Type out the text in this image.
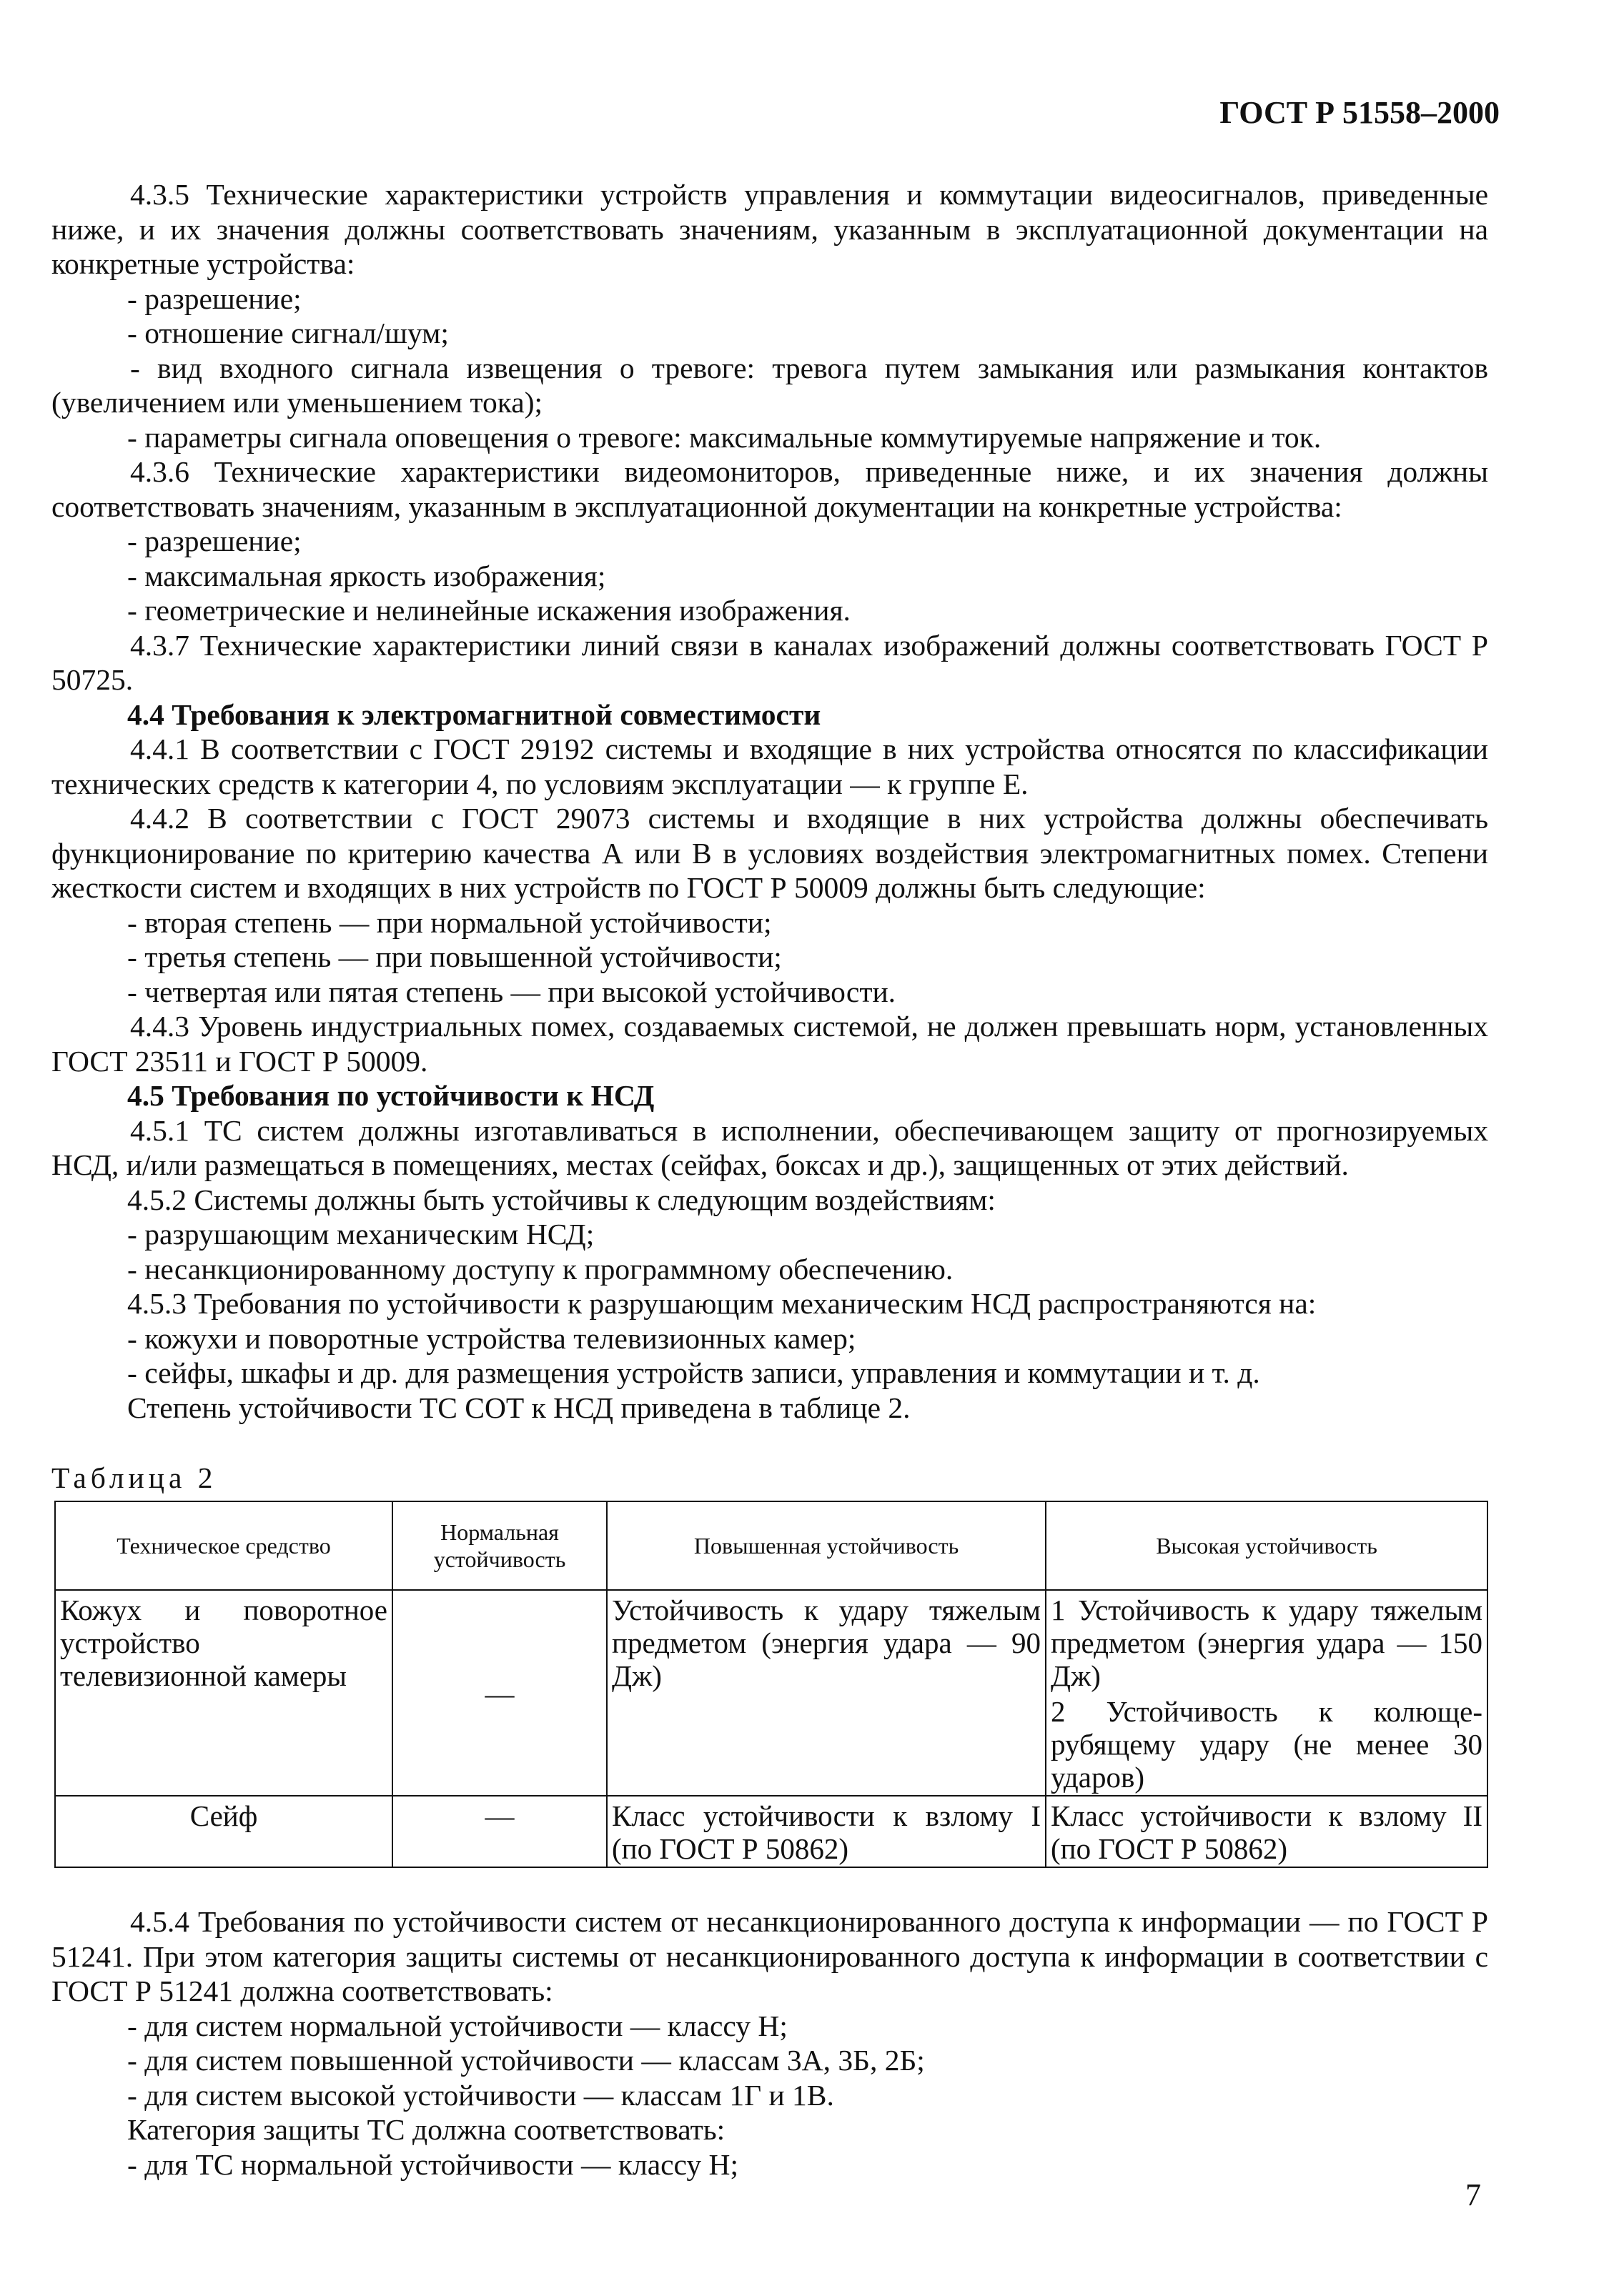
ГОСТ Р 51558–2000

4.3.5 Технические характеристики устройств управления и коммутации видеосигналов, приведенные ниже, и их значения должны соответствовать значениям, указанным в эксплуатационной документации на конкретные устройства:

- разрешение;

- отношение сигнал/шум;

- вид входного сигнала извещения о тревоге: тревога путем замыкания или размыкания контактов (увеличением или уменьшением тока);

- параметры сигнала оповещения о тревоге: максимальные коммутируемые напряжение и ток.

4.3.6 Технические характеристики видеомониторов, приведенные ниже, и их значения должны соответствовать значениям, указанным в эксплуатационной документации на конкретные устройства:

- разрешение;

- максимальная яркость изображения;

- геометрические и нелинейные искажения изображения.

4.3.7 Технические характеристики линий связи в каналах изображений должны соответствовать ГОСТ Р 50725.

4.4 Требования к электромагнитной совместимости

4.4.1 В соответствии с ГОСТ 29192 системы и входящие в них устройства относятся по классификации технических средств к категории 4, по условиям эксплуатации — к группе Е.

4.4.2 В соответствии с ГОСТ 29073 системы и входящие в них устройства должны обеспечивать функционирование по критерию качества А или В в условиях воздействия электромагнитных помех. Степени жесткости систем и входящих в них устройств по ГОСТ Р 50009 должны быть следующие:

- вторая степень — при нормальной устойчивости;

- третья степень — при повышенной устойчивости;

- четвертая или пятая степень — при высокой устойчивости.

4.4.3 Уровень индустриальных помех, создаваемых системой, не должен превышать норм, установленных ГОСТ 23511 и ГОСТ Р 50009.

4.5 Требования по устойчивости к НСД

4.5.1 ТС систем должны изготавливаться в исполнении, обеспечивающем защиту от прогнозируемых НСД, и/или размещаться в помещениях, местах (сейфах, боксах и др.), защищенных от этих действий.

4.5.2 Системы должны быть устойчивы к следующим воздействиям:

- разрушающим механическим НСД;

- несанкционированному доступу к программному обеспечению.

4.5.3 Требования по устойчивости к разрушающим механическим НСД распространяются на:

- кожухи и поворотные устройства телевизионных камер;

- сейфы, шкафы и др. для размещения устройств записи, управления и коммутации и т. д.

Степень устойчивости ТС СОТ к НСД приведена в таблице 2.

Таблица 2
Техническое средство	Нормальная устойчивость	Повышенная устойчивость	Высокая устойчивость
Кожух и поворотное устройство телевизионной камеры	—	Устойчивость к удару тяжелым предметом (энергия удара — 90 Дж)	1 Устойчивость к удару тяжелым предметом (энергия удара — 150 Дж)
2 Устойчивость к колюще-рубящему удару (не менее 30 ударов)

Сейф	—	Класс устойчивости к взлому I (по ГОСТ Р 50862)	Класс устойчивости к взлому II (по ГОСТ Р 50862)

4.5.4 Требования по устойчивости систем от несанкционированного доступа к информации — по ГОСТ Р 51241. При этом категория защиты системы от несанкционированного доступа к информации в соответствии с ГОСТ Р 51241 должна соответствовать:

- для систем нормальной устойчивости — классу Н;

- для систем повышенной устойчивости — классам 3А, 3Б, 2Б;

- для систем высокой устойчивости — классам 1Г и 1В.

Категория защиты ТС должна соответствовать:

- для ТС нормальной устойчивости — классу Н;

7
